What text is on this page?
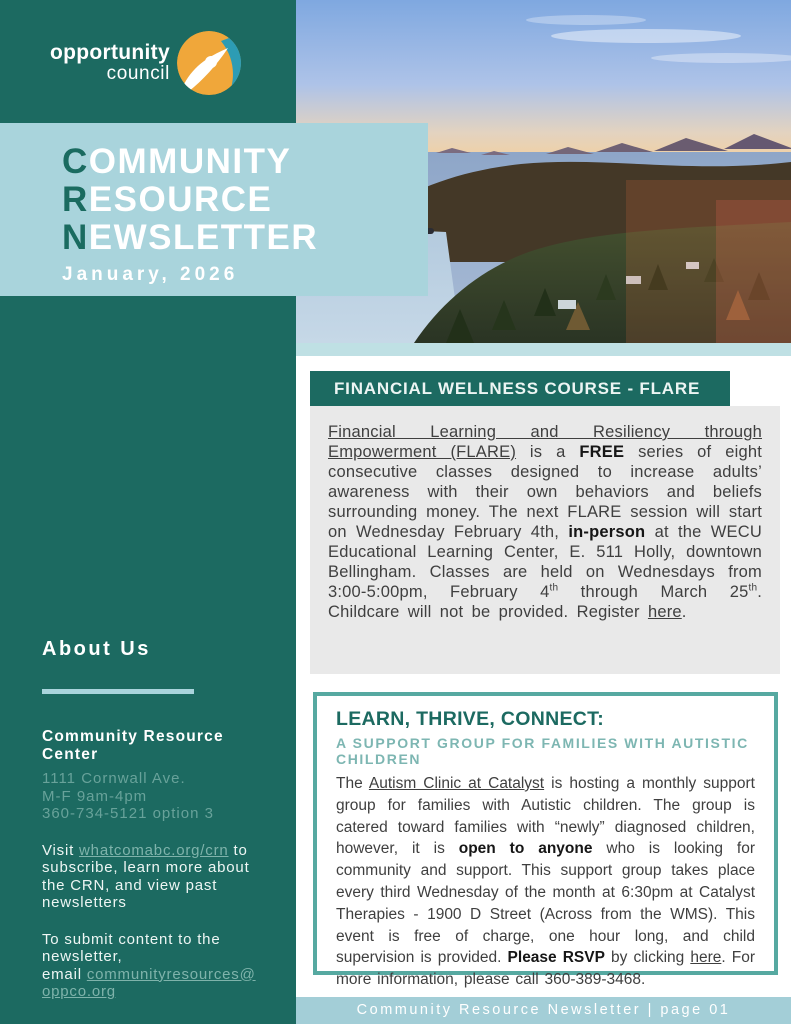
opportunity
council
About Us

Community Resource Center

1111 Cornwall Ave.

M-F 9am-4pm

360-734-5121 option 3

Visit whatcomabc.org/crn to subscribe, learn more about the CRN, and view past newsletters

To submit content to the newsletter,
email communityresources@oppco.org

COMMUNITY
RESOURCE
NEWSLETTER
January, 2026
FINANCIAL WELLNESS COURSE - FLARE

Financial Learning and Resiliency through Empowerment (FLARE) is a FREE series of eight consecutive classes designed to increase adults’ awareness with their own behaviors and beliefs surrounding money. The next FLARE session will start on Wednesday February 4th, in-person at the WECU Educational Learning Center, E. 511 Holly, downtown Bellingham. Classes are held on Wednesdays from 3:00-5:00pm, February 4th through March 25th. Childcare will not be provided. Register here.

LEARN, THRIVE, CONNECT:
A SUPPORT GROUP FOR FAMILIES WITH AUTISTIC CHILDREN

The Autism Clinic at Catalyst is hosting a monthly support group for families with Autistic children. The group is catered toward families with “newly” diagnosed children, however, it is open to anyone who is looking for community and support. This support group takes place every third Wednesday of the month at 6:30pm at Catalyst Therapies - 1900 D Street (Across from the WMS). This event is free of charge, one hour long, and child supervision is provided. Please RSVP by clicking here. For more information, please call 360-389-3468.

Community Resource Newsletter | page 01
